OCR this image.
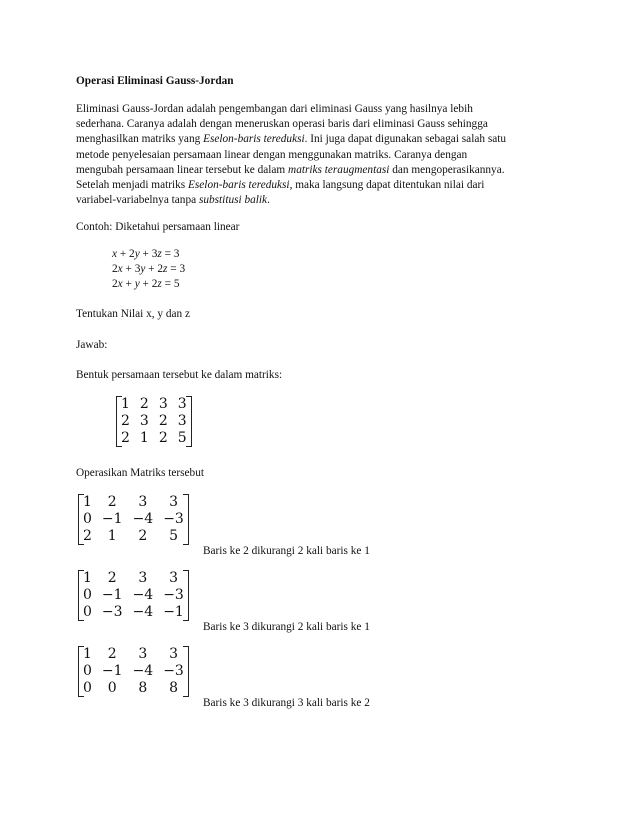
Operasi Eliminasi Gauss-Jordan
Eliminasi Gauss-Jordan adalah pengembangan dari eliminasi Gauss yang hasilnya lebih
sederhana. Caranya adalah dengan meneruskan operasi baris dari eliminasi Gauss sehingga
menghasilkan matriks yang Eselon-baris tereduksi. Ini juga dapat digunakan sebagai salah satu
metode penyelesaian persamaan linear dengan menggunakan matriks. Caranya dengan
mengubah persamaan linear tersebut ke dalam matriks teraugmentasi dan mengoperasikannya.
Setelah menjadi matriks Eselon-baris tereduksi, maka langsung dapat ditentukan nilai dari
variabel-variabelnya tanpa substitusi balik.
Contoh: Diketahui persamaan linear
x + 2y + 3z = 3
2x + 3y + 2z = 3
2x + y + 2z = 5
Tentukan Nilai x, y dan z
Jawab:
Bentuk persamaan tersebut ke dalam matriks:
1	2	3	3
2	3	2	3
2	1	2	5
Operasikan Matriks tersebut
1	2	3	3
0	−1	−4	−3
2	1	2	5
Baris ke 2 dikurangi 2 kali baris ke 1
1	2	3	3
0	−1	−4	−3
0	−3	−4	−1
Baris ke 3 dikurangi 2 kali baris ke 1
1	2	3	3
0	−1	−4	−3
0	0	8	8
Baris ke 3 dikurangi 3 kali baris ke 2
